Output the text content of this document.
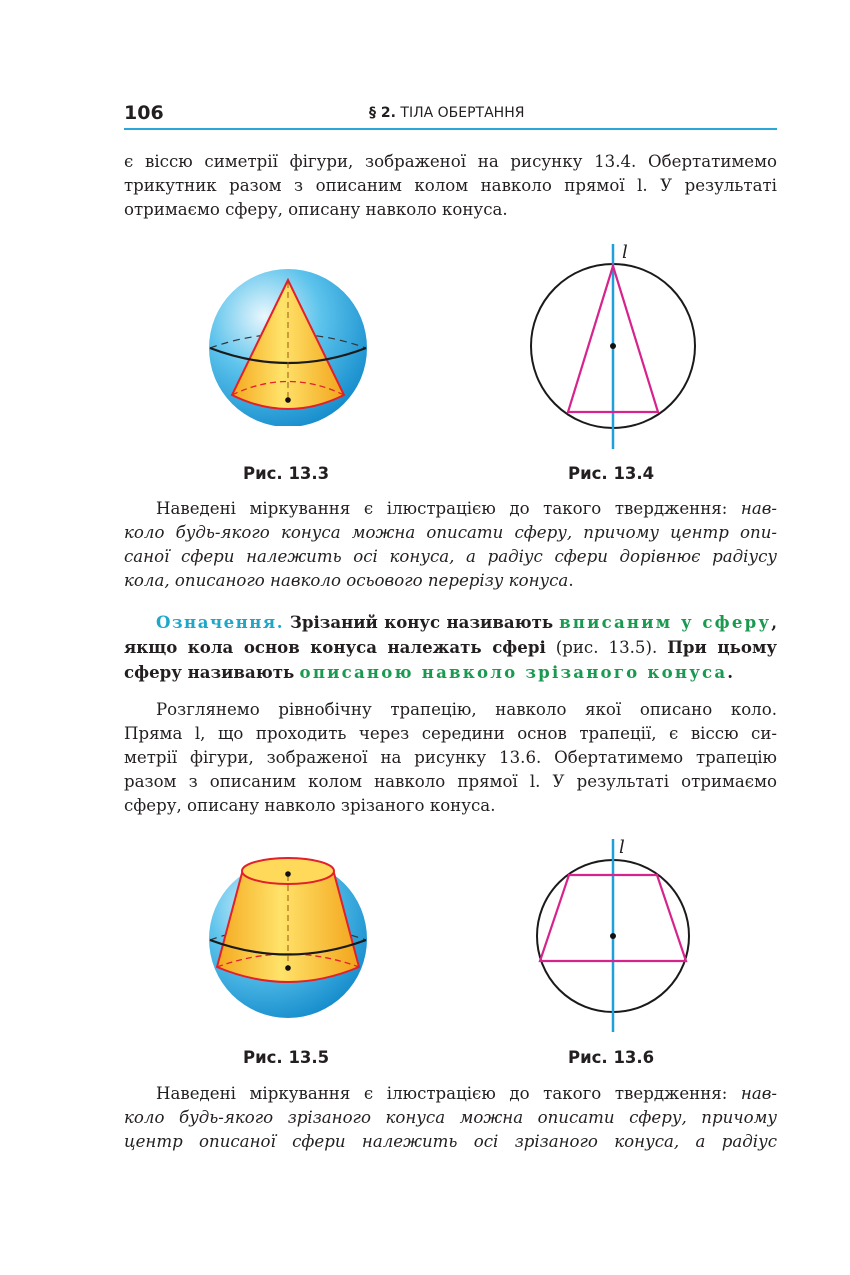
106	§ 2. ТІЛА ОБЕРТАННЯ
є віссю симетрії фігури, зображеної на рисунку 13.4. Обертатимемо
трикутник разом з описаним колом навколо прямої l. У результаті
отримаємо сферу, описану навколо конуса.
l
Рис. 13.3	Рис. 13.4
Наведені міркування є ілюстрацією до такого твердження: нав-
коло будь-якого конуса можна описати сферу, причому центр опи-
саної сфери належить осі конуса, а радіус сфери дорівнює радіусу
кола, описаного навколо осьового перерізу конуса.
Означення. Зрізаний конус називають вписаним у сферу,
якщо кола основ конуса належать сфері (рис. 13.5). При цьому
сферу називають описаною навколо зрізаного конуса.
Розглянемо рівнобічну трапецію, навколо якої описано коло.
Пряма l, що проходить через середини основ трапеції, є віссю си-
метрії фігури, зображеної на рисунку 13.6. Обертатимемо трапецію
разом з описаним колом навколо прямої l. У результаті отримаємо
сферу, описану навколо зрізаного конуса.
l
Рис. 13.5	Рис. 13.6
Наведені міркування є ілюстрацією до такого твердження: нав-
коло будь-якого зрізаного конуса можна описати сферу, причому
центр описаної сфери належить осі зрізаного конуса, а радіус
